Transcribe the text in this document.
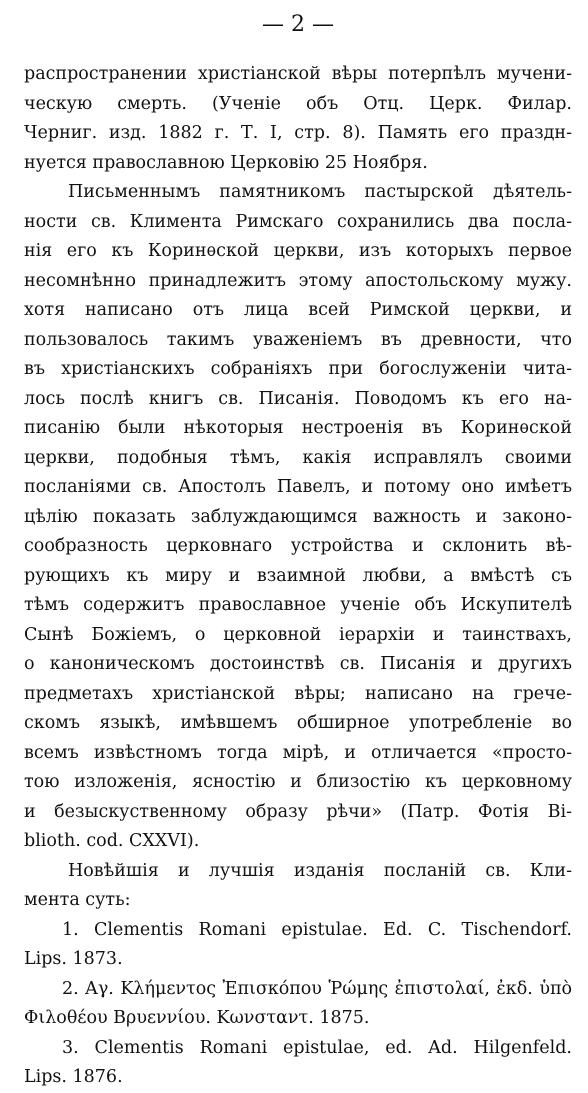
— 2 —
распространении христіанской вѣры потерпѣлъ мучени-
ческую смерть. (Ученіе объ Отц. Церк. Филар.
Черниг. изд. 1882 г. Т. I, стр. 8). Память его праздн-
нуется православною Церковію 25 Ноября.
Письменнымъ памятникомъ пастырской дѣятель-
ности св. Климента Римскаго сохранились два посла-
нія его къ Коринѳской церкви, изъ которыхъ первое
несомнѣнно принадлежитъ этому апостольскому мужу.
хотя написано отъ лица всей Римской церкви, и
пользовалось такимъ уваженіемъ въ древности, что
въ христіанскихъ собраніяхъ при богослуженіи чита-
лось послѣ книгъ св. Писанія. Поводомъ къ его на-
писанію были нѣкоторыя нестроенія въ Коринѳской
церкви, подобныя тѣмъ, какія исправлялъ своими
посланіями св. Апостолъ Павелъ, и потому оно имѣетъ
цѣлію показать заблуждающимся важность и законо-
сообразность церковнаго устройства и склонить вѣ-
рующихъ къ миру и взаимной любви, а вмѣстѣ съ
тѣмъ содержитъ православное ученіе объ Искупителѣ
Сынѣ Божіемъ, о церковной іерархіи и таинствахъ,
о каноническомъ достоинствѣ св. Писанія и другихъ
предметахъ христіанской вѣры; написано на грече-
скомъ языкѣ, имѣвшемъ обширное употребленіе во
всемъ извѣстномъ тогда мірѣ, и отличается «просто-
тою изложенія, ясностію и близостію къ церковному
и безыскуственному образу рѣчи» (Патр. Фотія Bi-
blioth. cod. CXXVI).
Новѣйшія и лучшія изданія посланій св. Кли-
мента суть:
1. Clementis Romani epistulae. Ed. C. Tischendorf.
Lips. 1873.
2. Αγ. Κλήμεντος Ἐπισκόπου Ῥώμης ἐπιστολαί, ἐκδ. ὑπὸ
Φιλοθέου Βρυεννίου. Κωνσταντ. 1875.
3. Clementis Romani epistulae, ed. Ad. Hilgenfeld.
Lips. 1876.
